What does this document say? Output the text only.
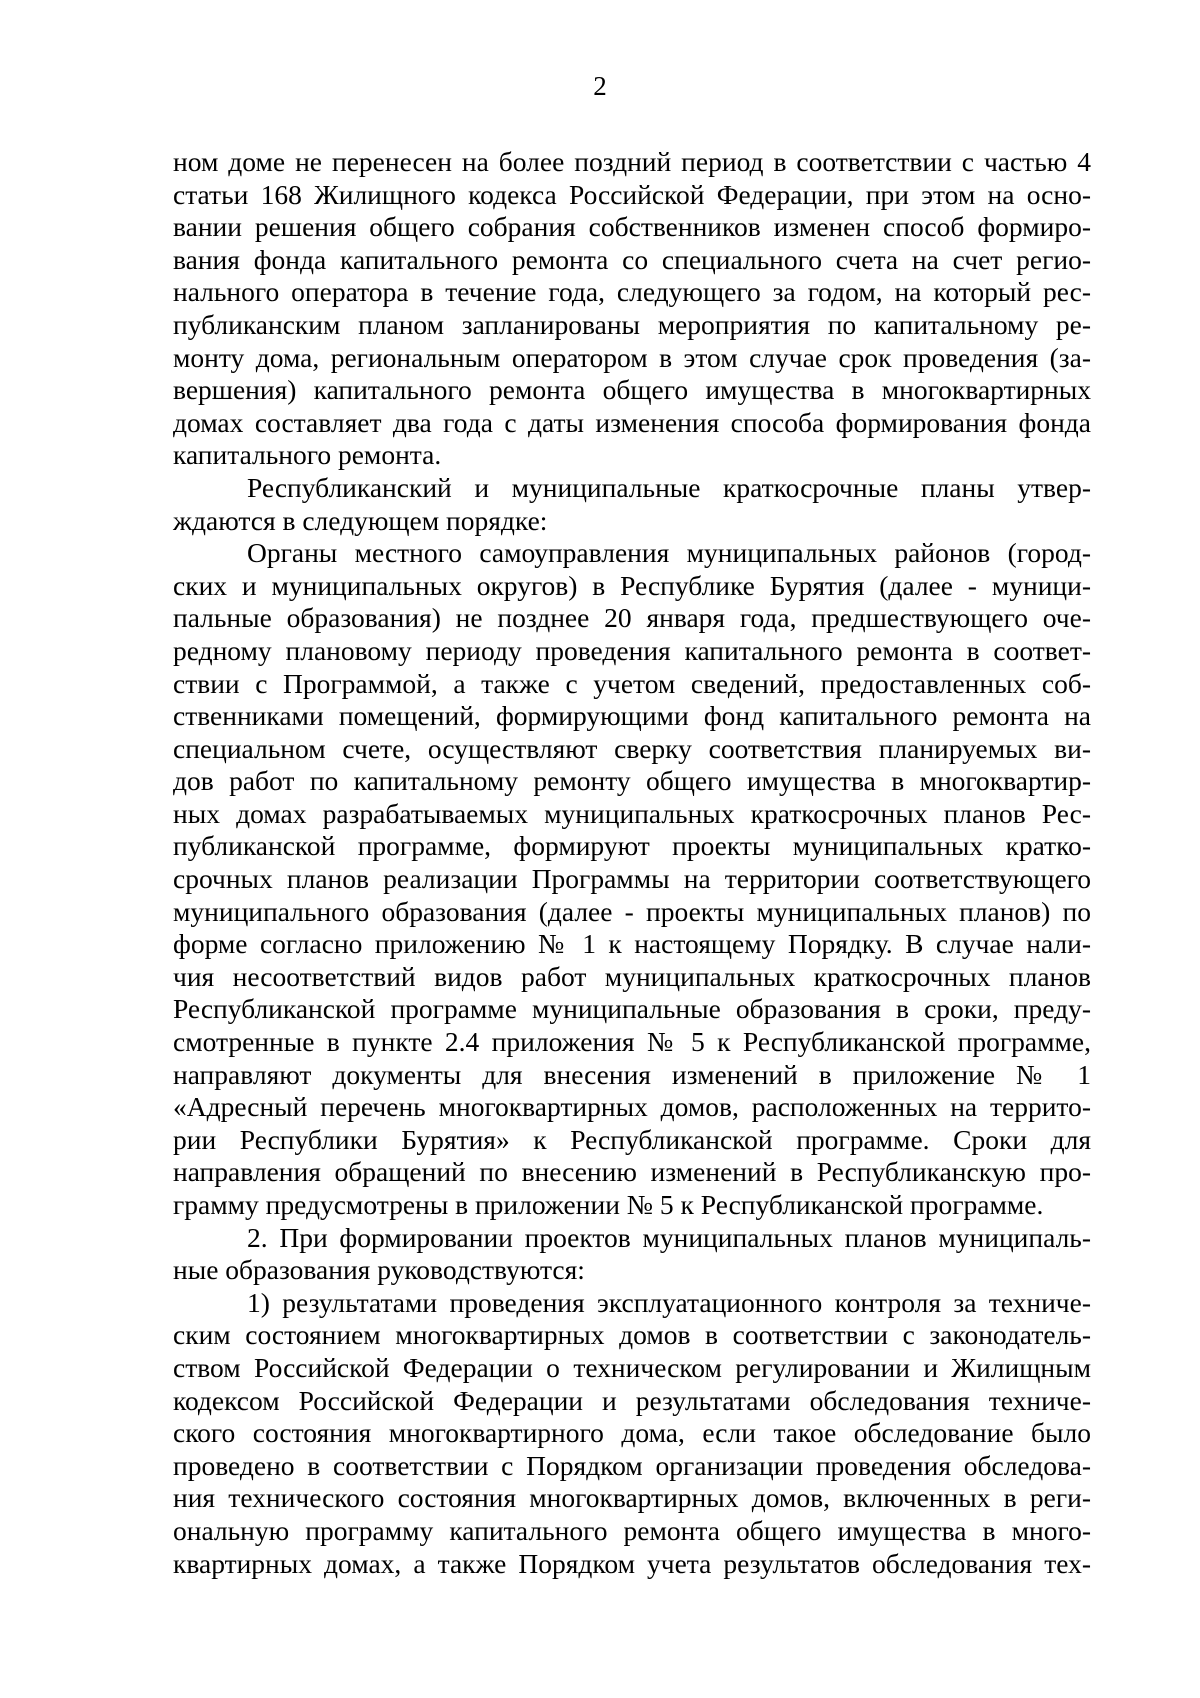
2
ном доме не перенесен на более поздний период в соответствии с частью 4
статьи 168 Жилищного кодекса Российской Федерации, при этом на осно-
вании решения общего собрания собственников изменен способ формиро-
вания фонда капитального ремонта со специального счета на счет регио-
нального оператора в течение года, следующего за годом, на который рес-
публиканским планом запланированы мероприятия по капитальному ре-
монту дома, региональным оператором в этом случае срок проведения (за-
вершения) капитального ремонта общего имущества в многоквартирных
домах составляет два года с даты изменения способа формирования фонда
капитального ремонта.
Республиканский и муниципальные краткосрочные планы утвер-
ждаются в следующем порядке:
Органы местного самоуправления муниципальных районов (город-
ских и муниципальных округов) в Республике Бурятия (далее - муници-
пальные образования) не позднее 20 января года, предшествующего оче-
редному плановому периоду проведения капитального ремонта в соответ-
ствии с Программой, а также с учетом сведений, предоставленных соб-
ственниками помещений, формирующими фонд капитального ремонта на
специальном счете, осуществляют сверку соответствия планируемых ви-
дов работ по капитальному ремонту общего имущества в многоквартир-
ных домах разрабатываемых муниципальных краткосрочных планов Рес-
публиканской программе, формируют проекты муниципальных кратко-
срочных планов реализации Программы на территории соответствующего
муниципального образования (далее - проекты муниципальных планов) по
форме согласно приложению № 1 к настоящему Порядку. В случае нали-
чия несоответствий видов работ муниципальных краткосрочных планов
Республиканской программе муниципальные образования в сроки, преду-
смотренные в пункте 2.4 приложения № 5 к Республиканской программе,
направляют документы для внесения изменений в приложение № 1
«Адресный перечень многоквартирных домов, расположенных на террито-
рии Республики Бурятия» к Республиканской программе. Сроки для
направления обращений по внесению изменений в Республиканскую про-
грамму предусмотрены в приложении № 5 к Республиканской программе.
2. При формировании проектов муниципальных планов муниципаль-
ные образования руководствуются:
1) результатами проведения эксплуатационного контроля за техниче-
ским состоянием многоквартирных домов в соответствии с законодатель-
ством Российской Федерации о техническом регулировании и Жилищным
кодексом Российской Федерации и результатами обследования техниче-
ского состояния многоквартирного дома, если такое обследование было
проведено в соответствии с Порядком организации проведения обследова-
ния технического состояния многоквартирных домов, включенных в реги-
ональную программу капитального ремонта общего имущества в много-
квартирных домах, а также Порядком учета результатов обследования тех-
